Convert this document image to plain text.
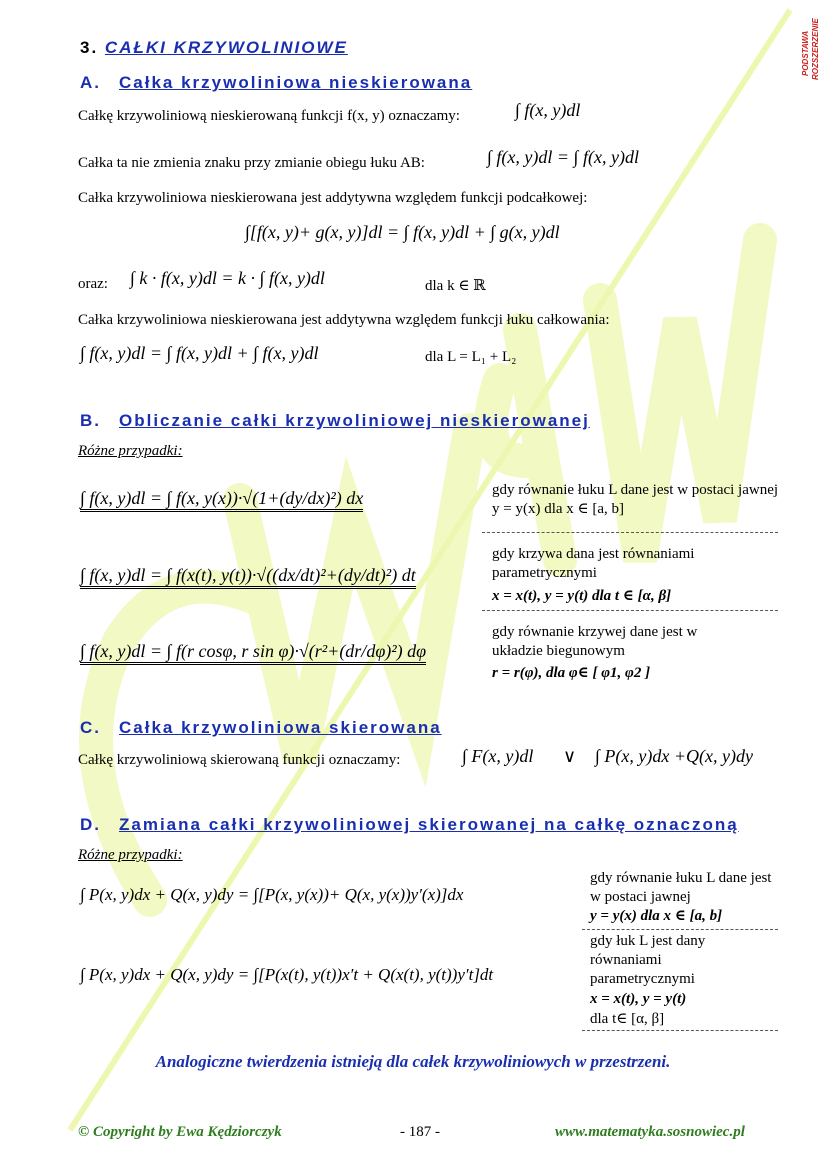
PODSTAWA ROZSZERZENIE
3. CAŁKI KRZYWOLINIOWE
A. Całka krzywoliniowa nieskierowana
Całkę krzywoliniową nieskierowaną funkcji f(x, y) oznaczamy:	∫ f(x, y)dl
Całka ta nie zmienia znaku przy zmianie obiegu łuku AB:	∫ f(x, y)dl = ∫ f(x, y)dl
Całka krzywoliniowa nieskierowana jest addytywna względem funkcji podcałkowej:
∫[f(x, y)+ g(x, y)]dl = ∫ f(x, y)dl + ∫ g(x, y)dl
oraz: ∫ k · f(x, y)dl = k · ∫ f(x, y)dl	dla k ∈ ℝ
Całka krzywoliniowa nieskierowana jest addytywna względem funkcji łuku całkowania:
∫ f(x, y)dl = ∫ f(x, y)dl + ∫ f(x, y)dl	dla L = L₁ + L₂
B. Obliczanie całki krzywoliniowej nieskierowanej
Różne przypadki:
∫ f(x, y)dl = ∫ f(x, y(x))·√(1+(dy/dx)²) dx	gdy równanie łuku L dane jest w postaci jawnej y = y(x) dla x ∈ [a, b]
∫ f(x, y)dl = ∫ f(x(t), y(t))·√((dx/dt)²+(dy/dt)²) dt
gdy krzywa dana jest równaniami parametrycznymi
x = x(t), y = y(t) dla t ∈ [α, β]
∫ f(x, y)dl = ∫ f(r cosφ, r sin φ)·√(r²+(dr/dφ)²) dφ
gdy równanie krzywej dane jest w układzie biegunowym
r = r(φ), dla φ∈ [ φ1, φ2 ]
C. Całka krzywoliniowa skierowana
Całkę krzywoliniową skierowaną funkcji oznaczamy:	∫ F(x, y)dl ∨ ∫ P(x, y)dx +Q(x, y)dy
D. Zamiana całki krzywoliniowej skierowanej na całkę oznaczoną
Różne przypadki:
∫ P(x, y)dx + Q(x, y)dy = ∫[P(x, y(x))+ Q(x, y(x))y′(x)]dx
gdy równanie łuku L dane jest w postaci jawnej
y = y(x) dla x ∈ [a, b]
∫ P(x, y)dx + Q(x, y)dy = ∫[P(x(t), y(t))x′t + Q(x(t), y(t))y′t]dt
gdy łuk L jest dany równaniami parametrycznymi
x = x(t), y = y(t)
dla t∈ [α, β]
Analogiczne twierdzenia istnieją dla całek krzywoliniowych w przestrzeni.
© Copyright by Ewa Kędziorczyk	- 187 -	www.matematyka.sosnowiec.pl
